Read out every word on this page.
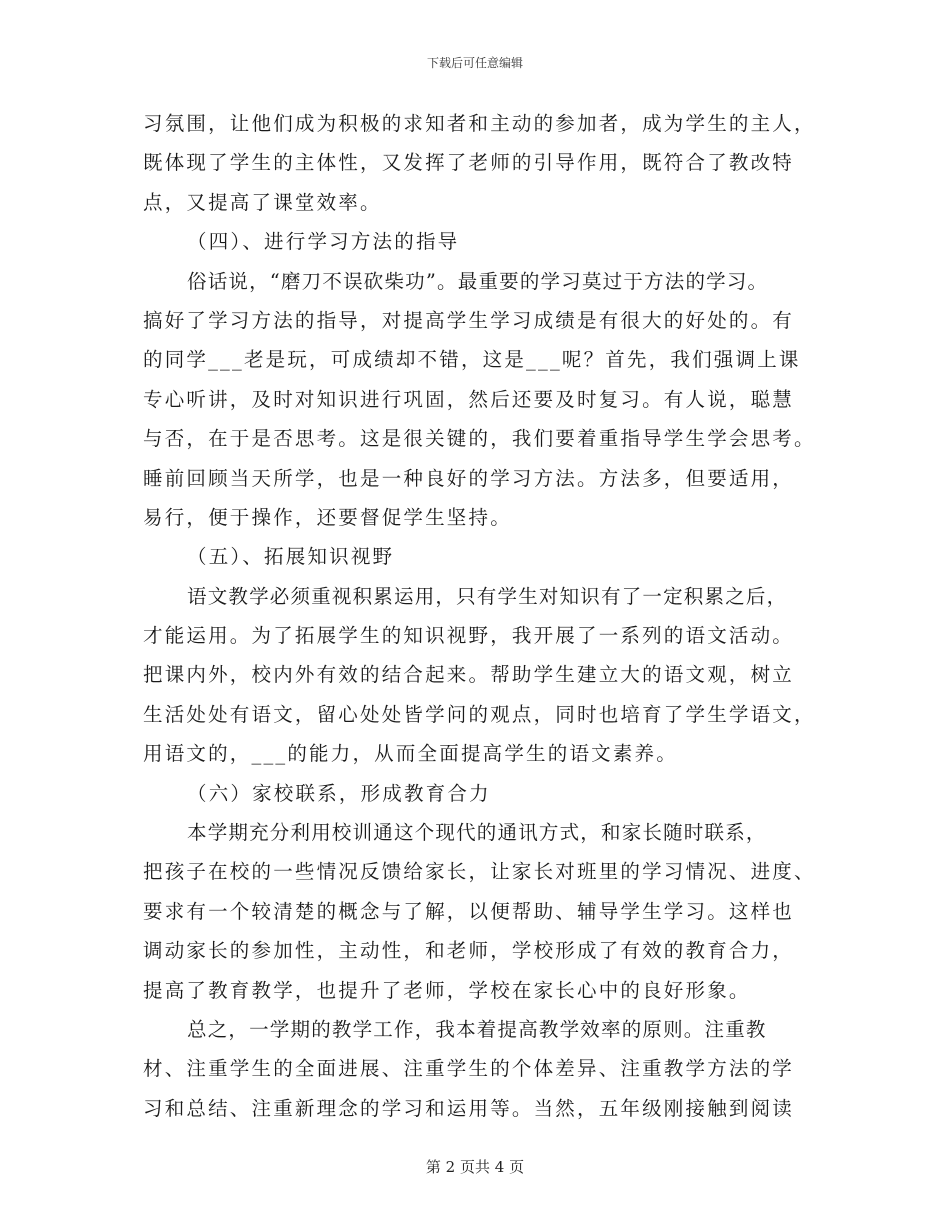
下载后可任意编辑
习氛围，让他们成为积极的求知者和主动的参加者，成为学生的主人，
既体现了学生的主体性，又发挥了老师的引导作用，既符合了教改特
点，又提高了课堂效率。
（四）、进行学习方法的指导
俗话说，“磨刀不误砍柴功”。最重要的学习莫过于方法的学习。
搞好了学习方法的指导，对提高学生学习成绩是有很大的好处的。有
的同学___老是玩，可成绩却不错，这是___呢？首先，我们强调上课
专心听讲，及时对知识进行巩固，然后还要及时复习。有人说，聪慧
与否，在于是否思考。这是很关键的，我们要着重指导学生学会思考。
睡前回顾当天所学，也是一种良好的学习方法。方法多，但要适用，
易行，便于操作，还要督促学生坚持。
（五）、拓展知识视野
语文教学必须重视积累运用，只有学生对知识有了一定积累之后，
才能运用。为了拓展学生的知识视野，我开展了一系列的语文活动。
把课内外，校内外有效的结合起来。帮助学生建立大的语文观，树立
生活处处有语文，留心处处皆学问的观点，同时也培育了学生学语文，
用语文的，___的能力，从而全面提高学生的语文素养。
（六）家校联系，形成教育合力
本学期充分利用校训通这个现代的通讯方式，和家长随时联系，
把孩子在校的一些情况反馈给家长，让家长对班里的学习情况、进度、
要求有一个较清楚的概念与了解，以便帮助、辅导学生学习。这样也
调动家长的参加性，主动性，和老师，学校形成了有效的教育合力，
提高了教育教学，也提升了老师，学校在家长心中的良好形象。
总之，一学期的教学工作，我本着提高教学效率的原则。注重教
材、注重学生的全面进展、注重学生的个体差异、注重教学方法的学
习和总结、注重新理念的学习和运用等。当然，五年级刚接触到阅读
第 2 页共 4 页
